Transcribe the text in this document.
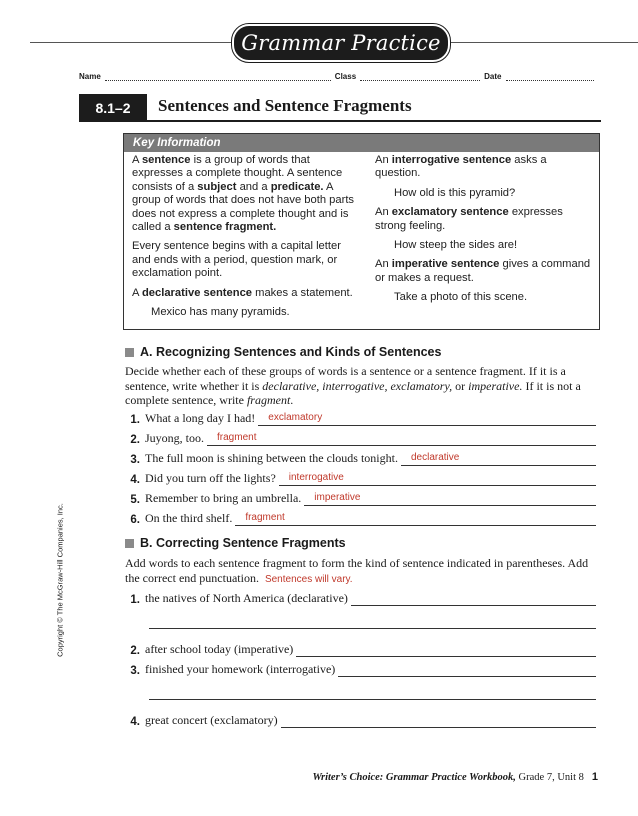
Grammar Practice
Name	Class	Date
8.1–2	Sentences and Sentence Fragments
Key Information

A sentence is a group of words that expresses a complete thought. A sentence consists of a subject and a predicate. A group of words that does not have both parts does not express a complete thought and is called a sentence fragment.

Every sentence begins with a capital letter and ends with a period, question mark, or exclamation point.

A declarative sentence makes a statement.

Mexico has many pyramids.

An interrogative sentence asks a question.

How old is this pyramid?

An exclamatory sentence expresses strong feeling.

How steep the sides are!

An imperative sentence gives a command or makes a request.

Take a photo of this scene.

A. Recognizing Sentences and Kinds of Sentences
Decide whether each of these groups of words is a sentence or a sentence fragment. If it is a sentence, write whether it is declarative, interrogative, exclamatory, or imperative. If it is not a complete sentence, write fragment.
1. What a long day I had! exclamatory
2. Juyong, too. fragment
3. The full moon is shining between the clouds tonight. declarative
4. Did you turn off the lights? interrogative
5. Remember to bring an umbrella. imperative
6. On the third shelf. fragment
B. Correcting Sentence Fragments
Add words to each sentence fragment to form the kind of sentence indicated in parentheses. Add the correct end punctuation. Sentences will vary.
1. the natives of North America (declarative)
2. after school today (imperative)
3. finished your homework (interrogative)
4. great concert (exclamatory)
Copyright © The McGraw-Hill Companies, Inc.
Writer’s Choice: Grammar Practice Workbook, Grade 7, Unit 8 1
